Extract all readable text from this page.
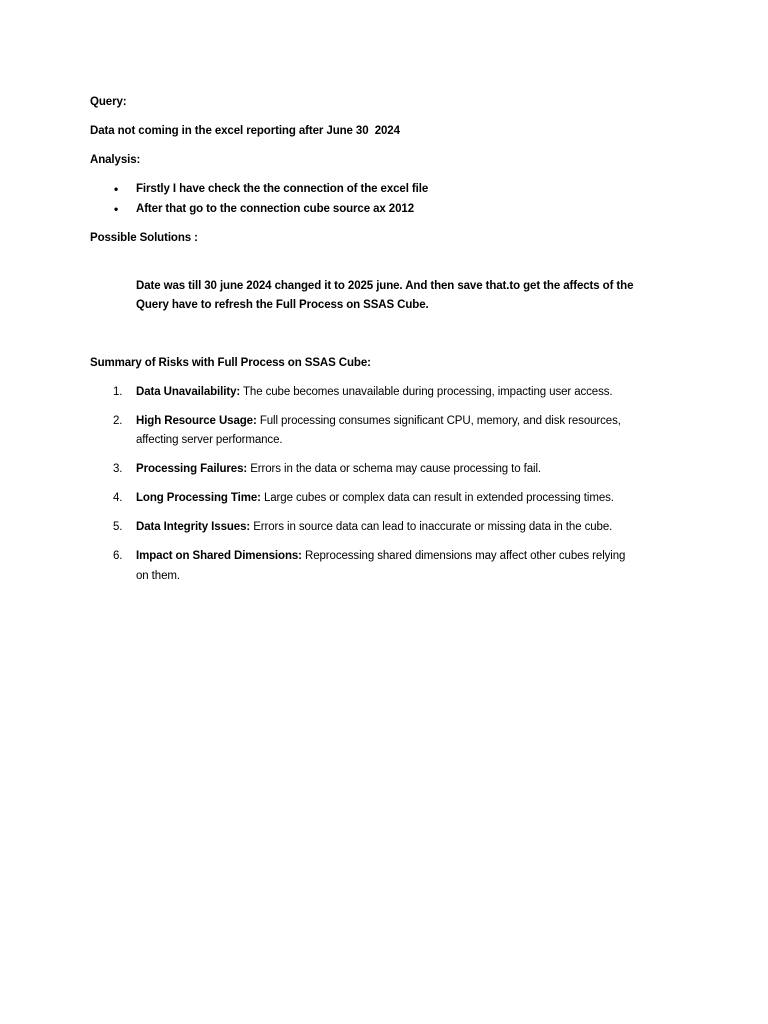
Query:
Data not coming in the excel reporting after June 30  2024
Analysis:
• Firstly I have check the the connection of the excel file
• After that go to the connection cube source ax 2012
Possible Solutions :
Date was till 30 june 2024 changed it to 2025 june. And then save that.to get the affects of the
Query have to refresh the Full Process on SSAS Cube.
Summary of Risks with Full Process on SSAS Cube:
1. Data Unavailability: The cube becomes unavailable during processing, impacting user access.
2. High Resource Usage: Full processing consumes significant CPU, memory, and disk resources,
affecting server performance.
3. Processing Failures: Errors in the data or schema may cause processing to fail.
4. Long Processing Time: Large cubes or complex data can result in extended processing times.
5. Data Integrity Issues: Errors in source data can lead to inaccurate or missing data in the cube.
6. Impact on Shared Dimensions: Reprocessing shared dimensions may affect other cubes relying
on them.
